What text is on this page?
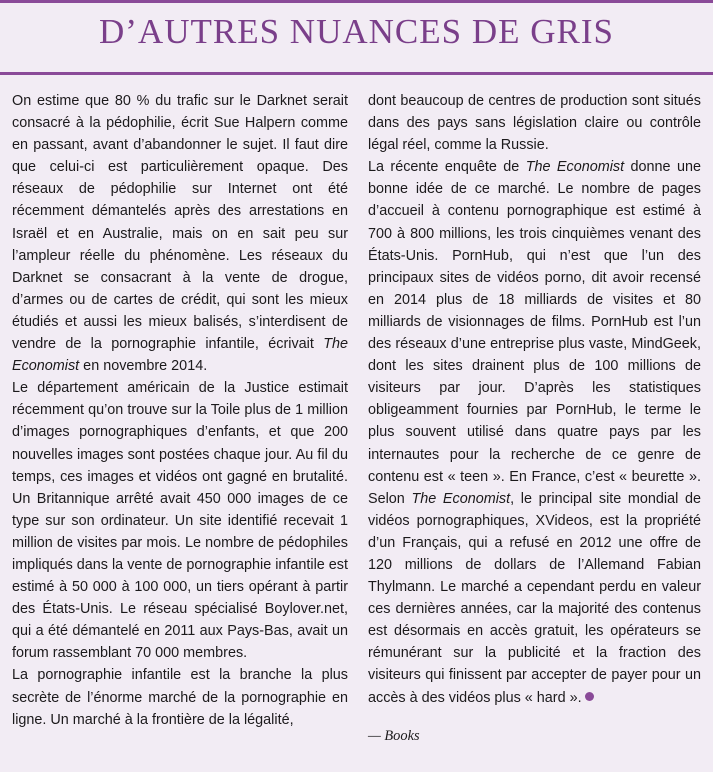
D’AUTRES NUANCES DE GRIS

On estime que 80 % du trafic sur le Darknet serait consacré à la pédophilie, écrit Sue Halpern comme en passant, avant d’abandonner le sujet. Il faut dire que celui-ci est particulièrement opaque. Des réseaux de pédophilie sur Internet ont été récemment démantelés après des arrestations en Israël et en Australie, mais on en sait peu sur l’ampleur réelle du phénomène. Les réseaux du Darknet se consacrant à la vente de drogue, d’armes ou de cartes de crédit, qui sont les mieux étudiés et aussi les mieux balisés, s’interdisent de vendre de la pornographie infantile, écrivait The Economist en novembre 2014.

Le département américain de la Justice estimait récemment qu’on trouve sur la Toile plus de 1 million d’images pornographiques d’enfants, et que 200 nouvelles images sont postées chaque jour. Au fil du temps, ces images et vidéos ont gagné en brutalité. Un Britannique arrêté avait 450 000 images de ce type sur son ordinateur. Un site identifié recevait 1 million de visites par mois. Le nombre de pédophiles impliqués dans la vente de pornographie infantile est estimé à 50 000 à 100 000, un tiers opérant à partir des États-Unis. Le réseau spécialisé Boylover.net, qui a été démantelé en 2011 aux Pays-Bas, avait un forum rassemblant 70 000 membres.

La pornographie infantile est la branche la plus secrète de l’énorme marché de la pornographie en ligne. Un marché à la frontière de la légalité,

dont beaucoup de centres de production sont situés dans des pays sans législation claire ou contrôle légal réel, comme la Russie.

La récente enquête de The Economist donne une bonne idée de ce marché. Le nombre de pages d’accueil à contenu pornographique est estimé à 700 à 800 millions, les trois cinquièmes venant des États-Unis. PornHub, qui n’est que l’un des principaux sites de vidéos porno, dit avoir recensé en 2014 plus de 18 milliards de visites et 80 milliards de visionnages de films. PornHub est l’un des réseaux d’une entreprise plus vaste, MindGeek, dont les sites drainent plus de 100 millions de visiteurs par jour. D’après les statistiques obligeamment fournies par PornHub, le terme le plus souvent utilisé dans quatre pays par les internautes pour la recherche de ce genre de contenu est « teen ». En France, c’est « beurette ». Selon The Economist, le principal site mondial de vidéos pornographiques, XVideos, est la propriété d’un Français, qui a refusé en 2012 une offre de 120 millions de dollars de l’Allemand Fabian Thylmann. Le marché a cependant perdu en valeur ces dernières années, car la majorité des contenus est désormais en accès gratuit, les opérateurs se rémunérant sur la publicité et la fraction des visiteurs qui finissent par accepter de payer pour un accès à des vidéos plus « hard ».

— Books
